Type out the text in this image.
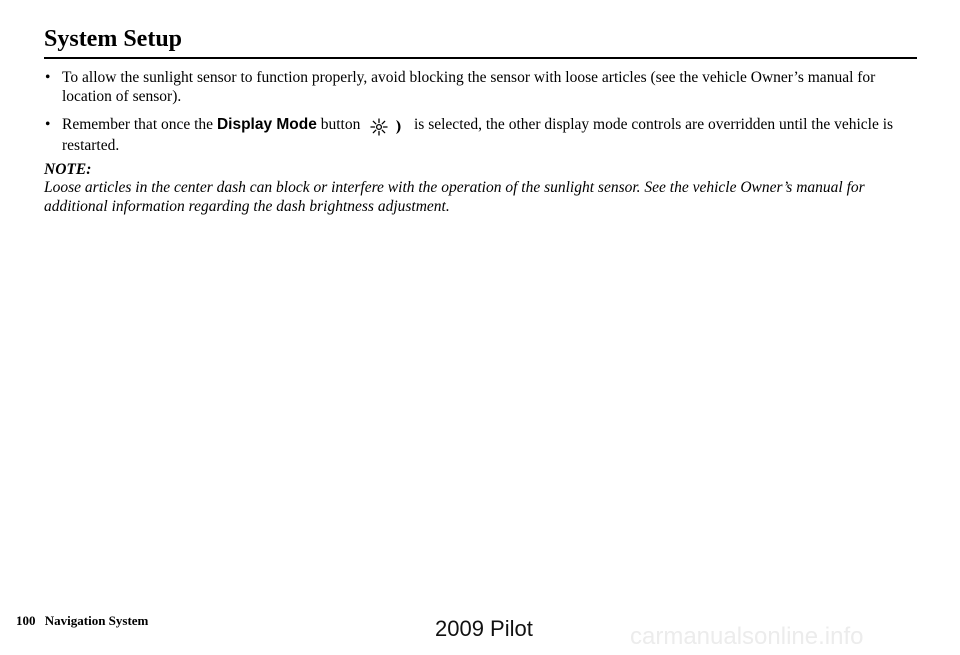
System Setup
• To allow the sunlight sensor to function properly, avoid blocking the sensor with loose articles (see the vehicle Owner’s manual for location of sensor).
• Remember that once the Display Mode button	is selected, the other display mode controls are overridden until the vehicle is restarted.

NOTE:

Loose articles in the center dash can block or interfere with the operation of the sunlight sensor. See the vehicle Owner’s manual for additional information regarding the dash brightness adjustment.

100 Navigation System	2009 Pilot	carmanualsonline.info
